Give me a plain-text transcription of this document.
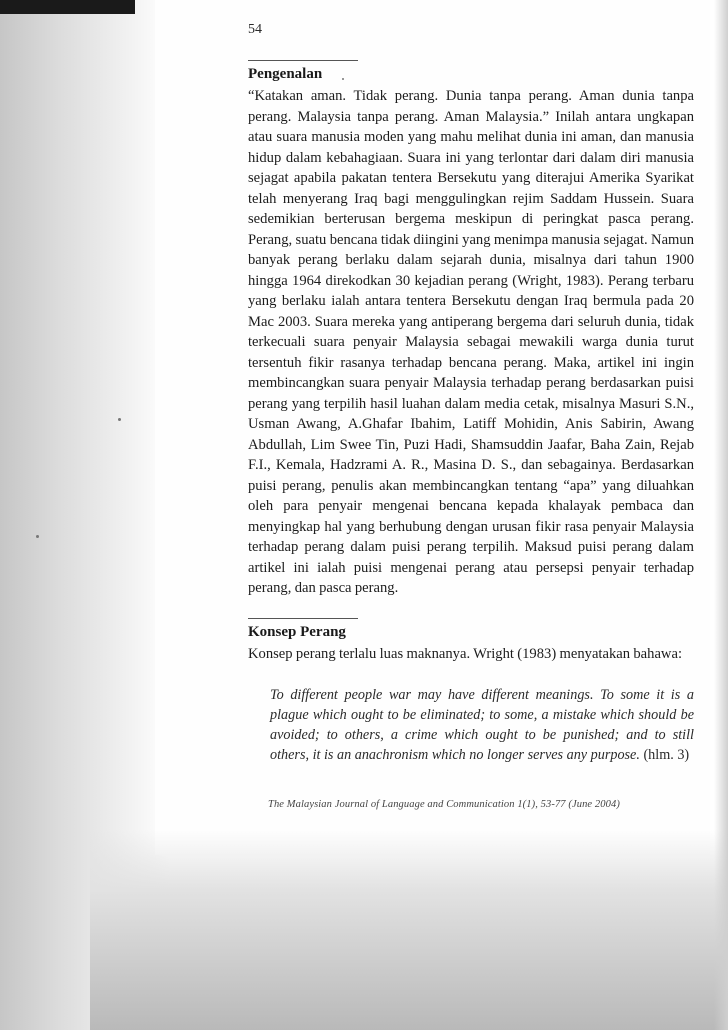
54
Pengenalan

“Katakan aman. Tidak perang. Dunia tanpa perang. Aman dunia tanpa perang. Malaysia tanpa perang. Aman Malaysia.” Inilah antara ungkapan atau suara manusia moden yang mahu melihat dunia ini aman, dan manusia hidup dalam kebahagiaan. Suara ini yang terlontar dari dalam diri manusia sejagat apabila pakatan tentera Bersekutu yang diterajui Amerika Syarikat telah menyerang Iraq bagi menggulingkan rejim Saddam Hussein. Suara sedemikian berterusan bergema meskipun di peringkat pasca perang. Perang, suatu bencana tidak diingini yang menimpa manusia sejagat. Namun banyak perang berlaku dalam sejarah dunia, misalnya dari tahun 1900 hingga 1964 direkodkan 30 kejadian perang (Wright, 1983). Perang terbaru yang berlaku ialah antara tentera Bersekutu dengan Iraq bermula pada 20 Mac 2003. Suara mereka yang antiperang bergema dari seluruh dunia, tidak terkecuali suara penyair Malaysia sebagai mewakili warga dunia turut tersentuh fikir rasanya terhadap bencana perang. Maka, artikel ini ingin membincangkan suara penyair Malaysia terhadap perang berdasarkan puisi perang yang terpilih hasil luahan dalam media cetak, misalnya Masuri S.N., Usman Awang, A.Ghafar Ibahim, Latiff Mohidin, Anis Sabirin, Awang Abdullah, Lim Swee Tin, Puzi Hadi, Shamsuddin Jaafar, Baha Zain, Rejab F.I., Kemala, Hadzrami A. R., Masina D. S., dan sebagainya. Berdasarkan puisi perang, penulis akan membincangkan tentang “apa” yang diluahkan oleh para penyair mengenai bencana kepada khalayak pembaca dan menyingkap hal yang berhubung dengan urusan fikir rasa penyair Malaysia terhadap perang dalam puisi perang terpilih. Maksud puisi perang dalam artikel ini ialah puisi mengenai perang atau persepsi penyair terhadap perang, dan pasca perang.

Konsep Perang

Konsep perang terlalu luas maknanya. Wright (1983) menyatakan bahawa:

To different people war may have different meanings. To some it is a plague which ought to be eliminated; to some, a mistake which should be avoided; to others, a crime which ought to be punished; and to still others, it is an anachronism which no longer serves any purpose. (hlm. 3)

The Malaysian Journal of Language and Communication 1(1), 53-77 (June 2004)
